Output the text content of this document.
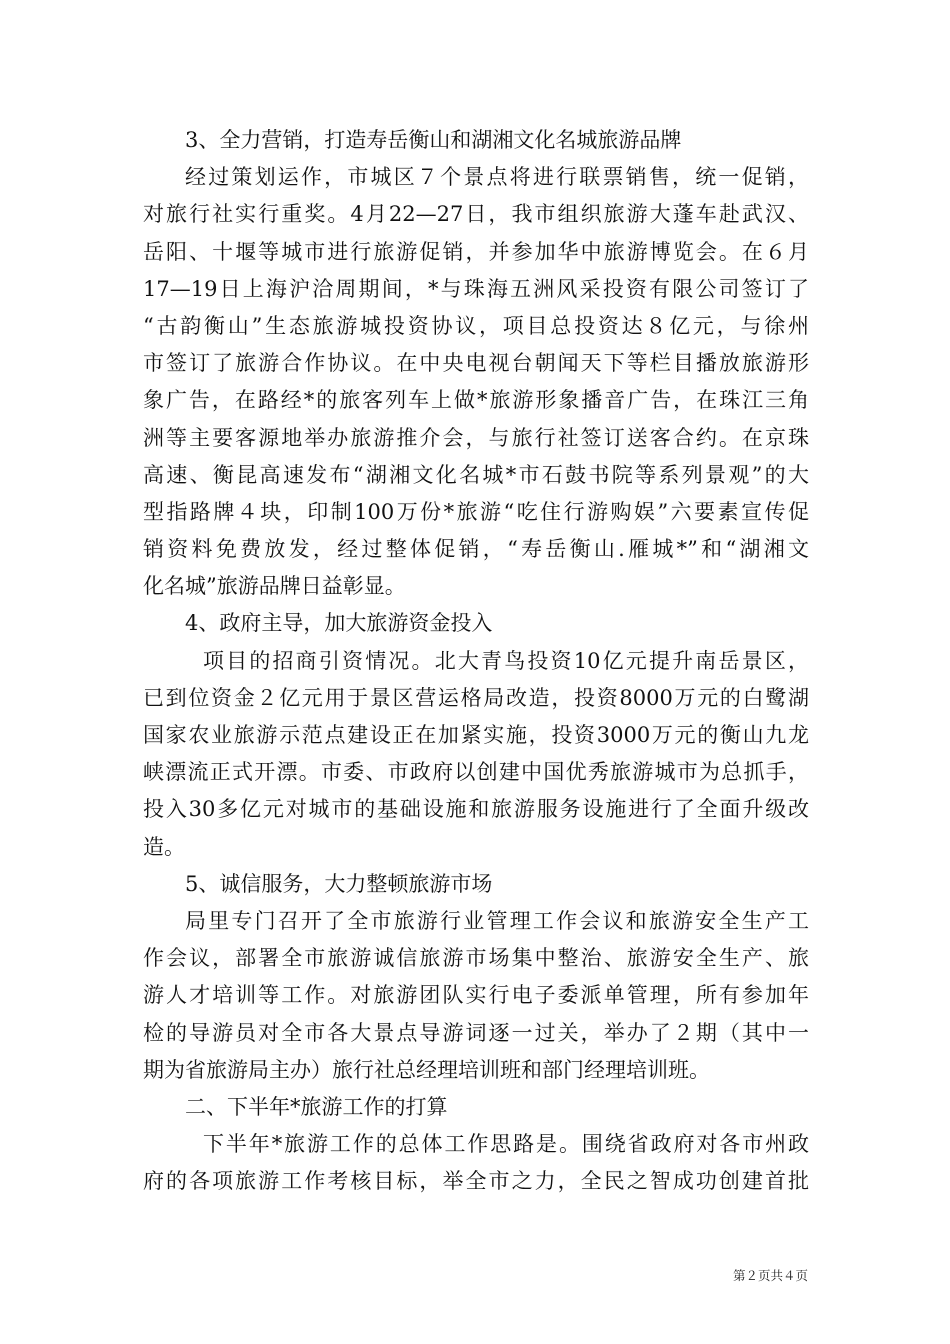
3、全力营销，打造寿岳衡山和湖湘文化名城旅游品牌
经过策划运作，市城区７个景点将进行联票销售，统一促销，
对旅行社实行重奖。4月22—27日，我市组织旅游大蓬车赴武汉、
岳阳、十堰等城市进行旅游促销，并参加华中旅游博览会。在６月
17—19日上海沪洽周期间，*与珠海五洲风采投资有限公司签订了
“古韵衡山”生态旅游城投资协议，项目总投资达８亿元，与徐州
市签订了旅游合作协议。在中央电视台朝闻天下等栏目播放旅游形
象广告，在路经*的旅客列车上做*旅游形象播音广告，在珠江三角
洲等主要客源地举办旅游推介会，与旅行社签订送客合约。在京珠
高速、衡昆高速发布“湖湘文化名城*市石鼓书院等系列景观”的大
型指路牌４块，印制100万份*旅游“吃住行游购娱”六要素宣传促
销资料免费放发，经过整体促销，“寿岳衡山.雁城*”和“湖湘文
化名城”旅游品牌日益彰显。
4、政府主导，加大旅游资金投入
项目的招商引资情况。北大青鸟投资10亿元提升南岳景区，
已到位资金２亿元用于景区营运格局改造，投资8000万元的白鹭湖
国家农业旅游示范点建设正在加紧实施，投资3000万元的衡山九龙
峡漂流正式开漂。市委、市政府以创建中国优秀旅游城市为总抓手，
投入30多亿元对城市的基础设施和旅游服务设施进行了全面升级改
造。
5、诚信服务，大力整顿旅游市场
局里专门召开了全市旅游行业管理工作会议和旅游安全生产工
作会议，部署全市旅游诚信旅游市场集中整治、旅游安全生产、旅
游人才培训等工作。对旅游团队实行电子委派单管理，所有参加年
检的导游员对全市各大景点导游词逐一过关，举办了２期（其中一
期为省旅游局主办）旅行社总经理培训班和部门经理培训班。
二、下半年*旅游工作的打算
下半年*旅游工作的总体工作思路是。围绕省政府对各市州政
府的各项旅游工作考核目标，举全市之力，全民之智成功创建首批
第２页共４页
